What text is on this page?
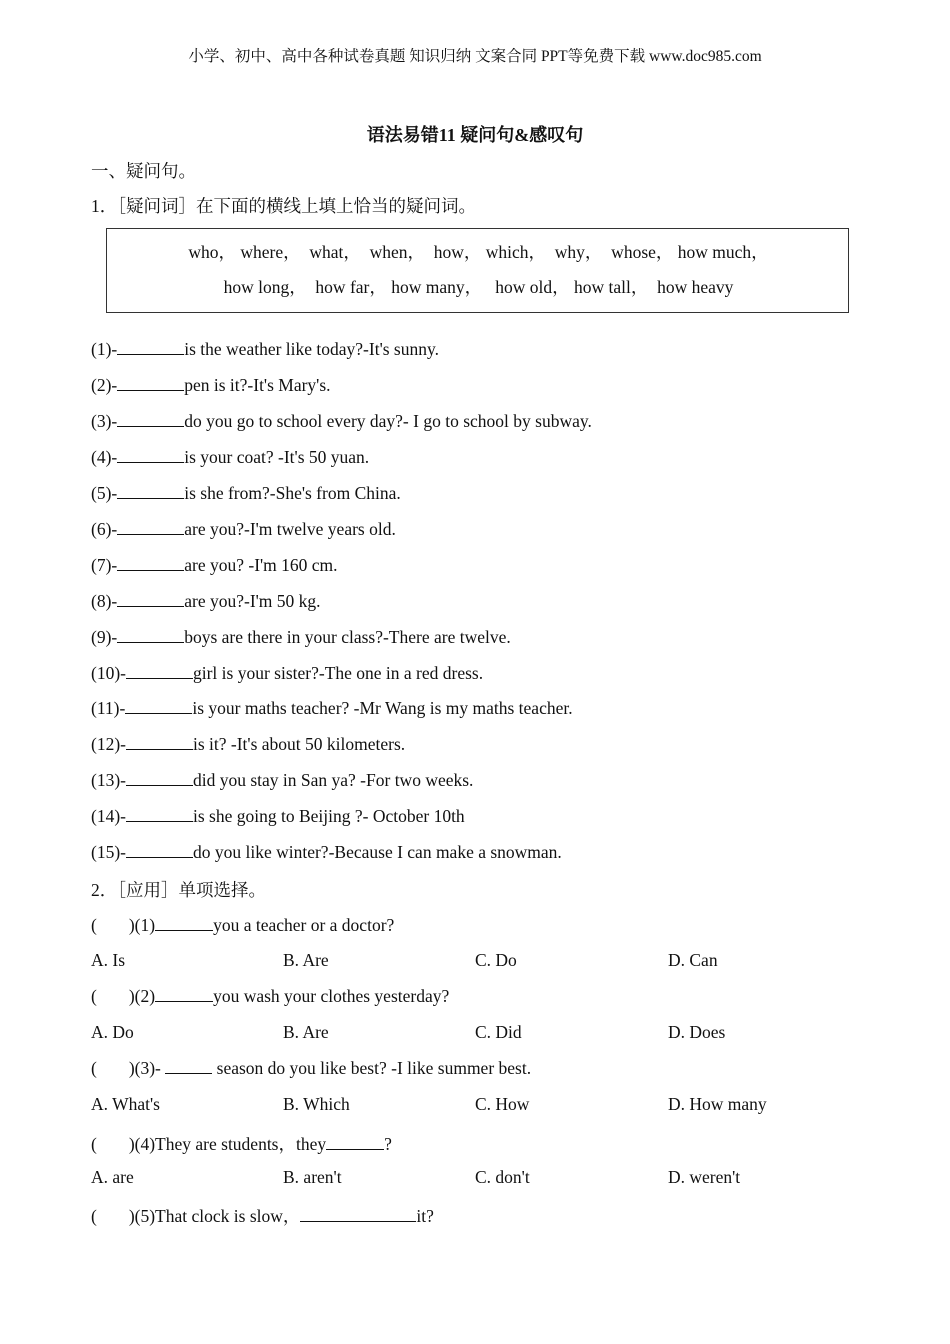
小学、初中、高中各种试卷真题 知识归纳 文案合同 PPT等免费下载 www.doc985.com
语法易错11 疑问句&感叹句
一、疑问句。
1．［疑问词］在下面的横线上填上恰当的疑问词。
who， where，  what，  when，  how， which，  why，  whose， how much，
how long，  how far， how many，   how old， how tall，  how heavy
(1)-	is the weather like today?-It's sunny.
(2)-	pen is it?-It's Mary's.
(3)-	do you go to school every day?- I go to school by subway.
(4)-	is your coat? -It's 50 yuan.
(5)-	is she from?-She's from China.
(6)-	are you?-I'm twelve years old.
(7)-	are you? -I'm 160 cm.
(8)-	are you?-I'm 50 kg.
(9)-	boys are there in your class?-There are twelve.
(10)-	girl is your sister?-The one in a red dress.
(11)-	is your maths teacher? -Mr Wang is my maths teacher.
(12)-	is it? -It's about 50 kilometers.
(13)-	did you stay in San ya? -For two weeks.
(14)-	is she going to Beijing ?- October 10th
(15)-	do you like winter?-Because I can make a snowman.
2．［应用］单项选择。
( )(1)	you a teacher or a doctor?
A. Is	B. Are	C. Do	D. Can
( )(2)	you wash your clothes yesterday?
A. Do	B. Are	C. Did	D. Does
( )(3)-	season do you like best? -I like summer best.
A. What's	B. Which	C. How	D. How many
( )(4)They are students，they	?
A. are	B. aren't	C. don't	D. weren't
( )(5)That clock is slow，	it?
